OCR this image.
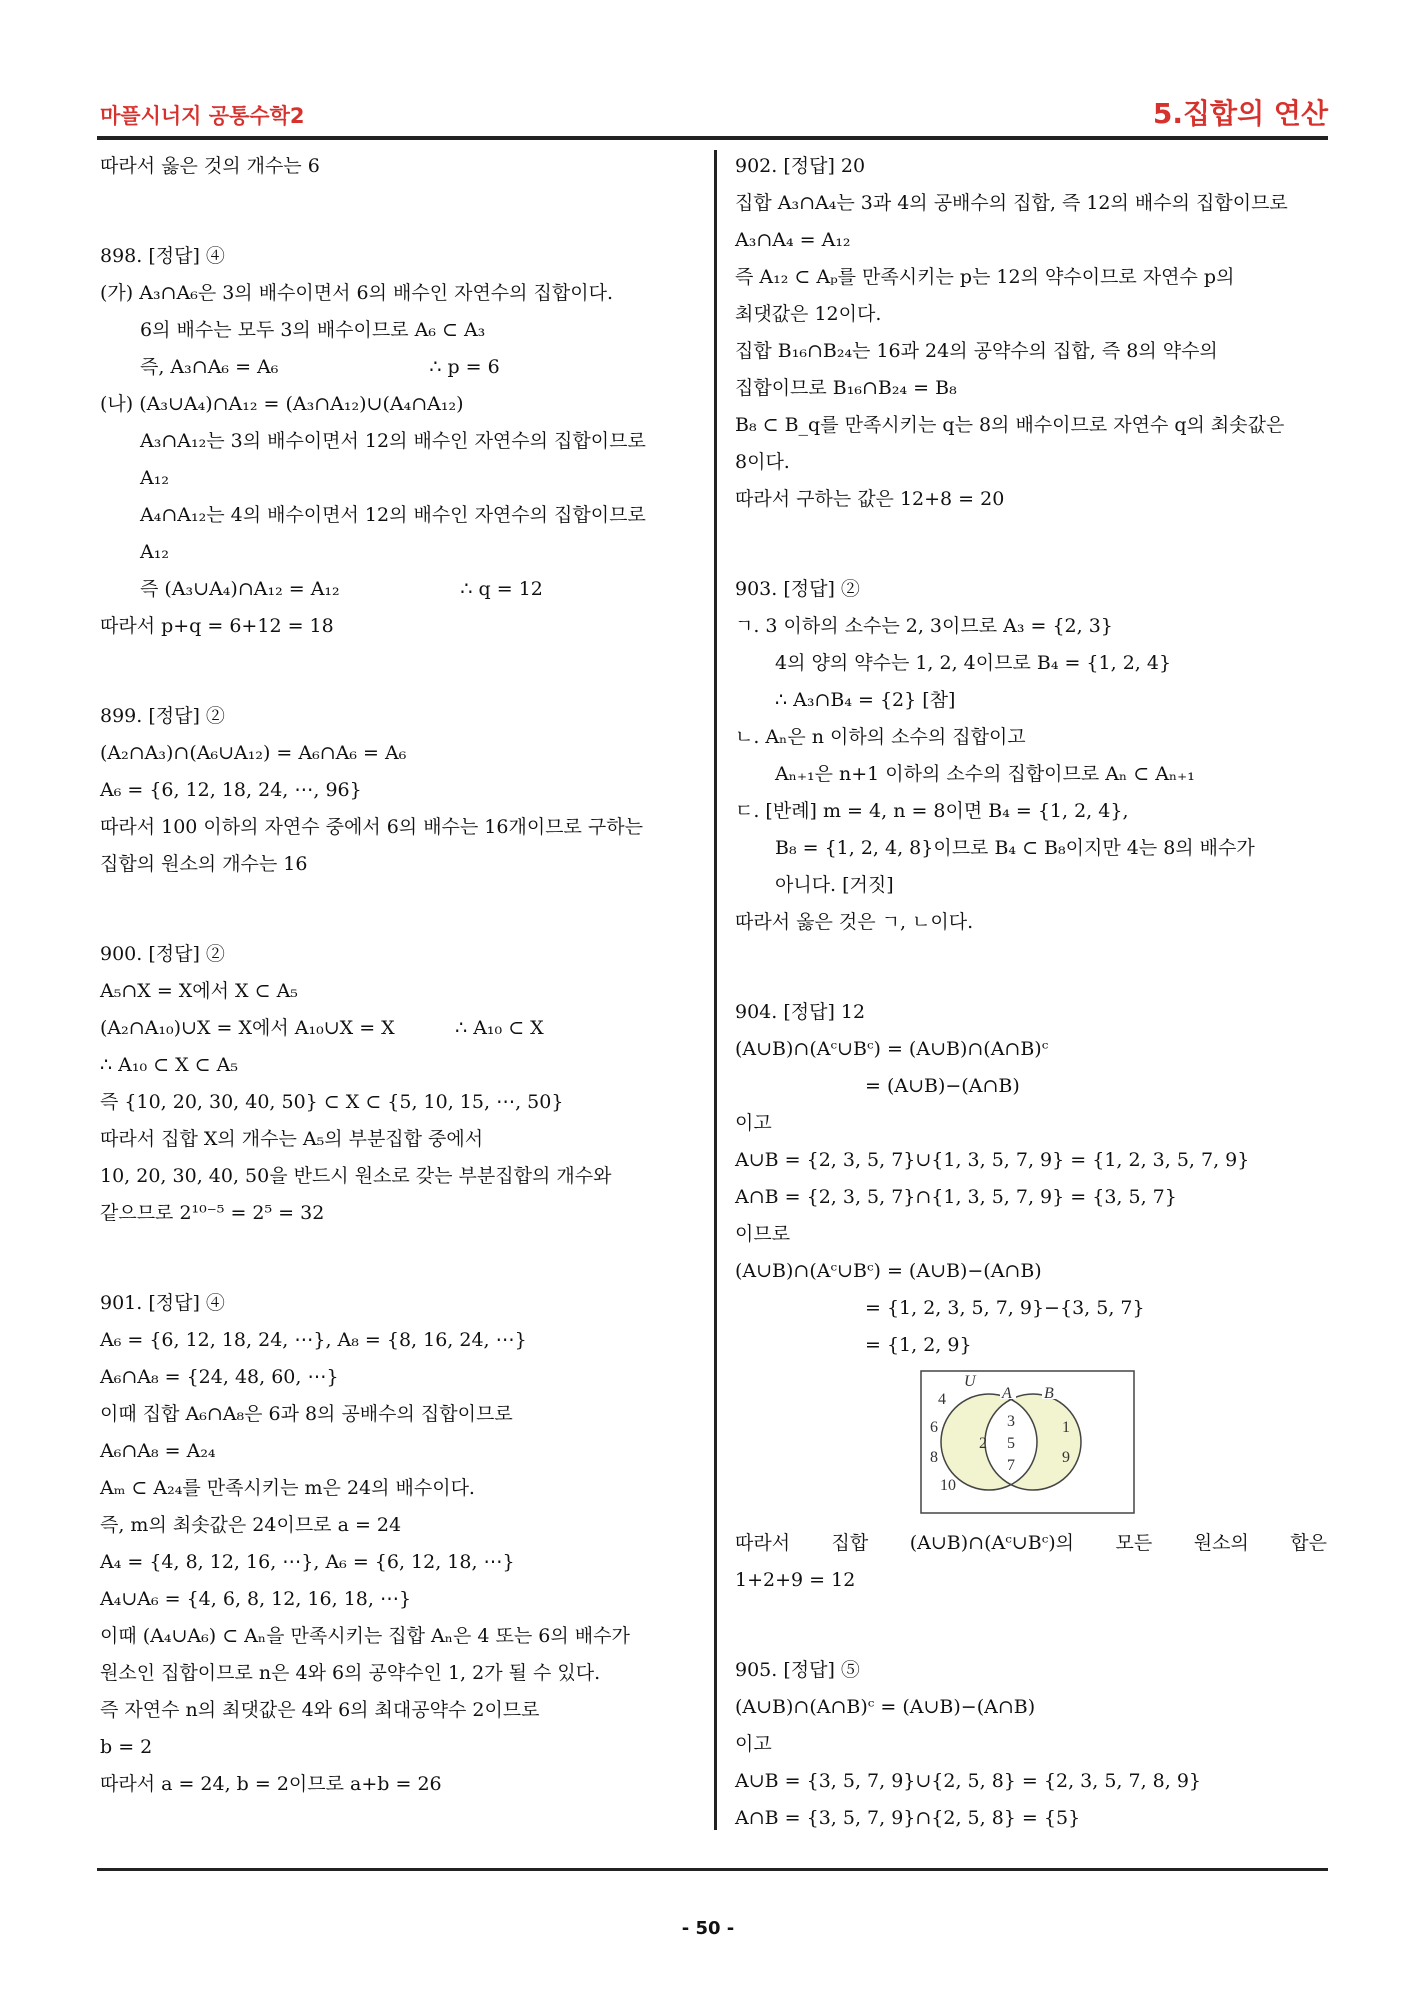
마플시너지 공통수학2	5.집합의 연산
따라서 옳은 것의 개수는 6
898. [정답] ④
(가) A₃∩A₆은 3의 배수이면서 6의 배수인 자연수의 집합이다.
6의 배수는 모두 3의 배수이므로 A₆ ⊂ A₃
즉, A₃∩A₆ = A₆                         ∴ p = 6
(나) (A₃∪A₄)∩A₁₂ = (A₃∩A₁₂)∪(A₄∩A₁₂)
A₃∩A₁₂는 3의 배수이면서 12의 배수인 자연수의 집합이므로
A₁₂
A₄∩A₁₂는 4의 배수이면서 12의 배수인 자연수의 집합이므로
A₁₂
즉 (A₃∪A₄)∩A₁₂ = A₁₂                    ∴ q = 12
따라서 p+q = 6+12 = 18
899. [정답] ②
(A₂∩A₃)∩(A₆∪A₁₂) = A₆∩A₆ = A₆
A₆ = {6, 12, 18, 24, ⋯, 96}
따라서 100 이하의 자연수 중에서 6의 배수는 16개이므로 구하는
집합의 원소의 개수는 16
900. [정답] ②
A₅∩X = X에서 X ⊂ A₅
(A₂∩A₁₀)∪X = X에서 A₁₀∪X = X          ∴ A₁₀ ⊂ X
∴ A₁₀ ⊂ X ⊂ A₅
즉 {10, 20, 30, 40, 50} ⊂ X ⊂ {5, 10, 15, ⋯, 50}
따라서 집합 X의 개수는 A₅의 부분집합 중에서
10, 20, 30, 40, 50을 반드시 원소로 갖는 부분집합의 개수와
같으므로 2¹⁰⁻⁵ = 2⁵ = 32
901. [정답] ④
A₆ = {6, 12, 18, 24, ⋯}, A₈ = {8, 16, 24, ⋯}
A₆∩A₈ = {24, 48, 60, ⋯}
이때 집합 A₆∩A₈은 6과 8의 공배수의 집합이므로
A₆∩A₈ = A₂₄
Aₘ ⊂ A₂₄를 만족시키는 m은 24의 배수이다.
즉, m의 최솟값은 24이므로 a = 24
A₄ = {4, 8, 12, 16, ⋯}, A₆ = {6, 12, 18, ⋯}
A₄∪A₆ = {4, 6, 8, 12, 16, 18, ⋯}
이때 (A₄∪A₆) ⊂ Aₙ을 만족시키는 집합 Aₙ은 4 또는 6의 배수가
원소인 집합이므로 n은 4와 6의 공약수인 1, 2가 될 수 있다.
즉 자연수 n의 최댓값은 4와 6의 최대공약수 2이므로
b = 2
따라서 a = 24, b = 2이므로 a+b = 26
902. [정답] 20
집합 A₃∩A₄는 3과 4의 공배수의 집합, 즉 12의 배수의 집합이므로
A₃∩A₄ = A₁₂
즉 A₁₂ ⊂ Aₚ를 만족시키는 p는 12의 약수이므로 자연수 p의
최댓값은 12이다.
집합 B₁₆∩B₂₄는 16과 24의 공약수의 집합, 즉 8의 약수의
집합이므로 B₁₆∩B₂₄ = B₈
B₈ ⊂ B_q를 만족시키는 q는 8의 배수이므로 자연수 q의 최솟값은
8이다.
따라서 구하는 값은 12+8 = 20
903. [정답] ②
ㄱ. 3 이하의 소수는 2, 3이므로 A₃ = {2, 3}
4의 양의 약수는 1, 2, 4이므로 B₄ = {1, 2, 4}
∴ A₃∩B₄ = {2} [참]
ㄴ. Aₙ은 n 이하의 소수의 집합이고
Aₙ₊₁은 n+1 이하의 소수의 집합이므로 Aₙ ⊂ Aₙ₊₁
ㄷ. [반례] m = 4, n = 8이면 B₄ = {1, 2, 4},
B₈ = {1, 2, 4, 8}이므로 B₄ ⊂ B₈이지만 4는 8의 배수가
아니다. [거짓]
따라서 옳은 것은 ㄱ, ㄴ이다.
904. [정답] 12
(A∪B)∩(Aᶜ∪Bᶜ) = (A∪B)∩(A∩B)ᶜ
= (A∪B)−(A∩B)
이고
A∪B = {2, 3, 5, 7}∪{1, 3, 5, 7, 9} = {1, 2, 3, 5, 7, 9}
A∩B = {2, 3, 5, 7}∩{1, 3, 5, 7, 9} = {3, 5, 7}
이므로
(A∪B)∩(Aᶜ∪Bᶜ) = (A∪B)−(A∩B)
= {1, 2, 3, 5, 7, 9}−{3, 5, 7}
= {1, 2, 9}
U
A B
4
6
8
10
2
3
5
7
1
9
따라서 집합 (A∪B)∩(Aᶜ∪Bᶜ)의 모든 원소의 합은
1+2+9 = 12
905. [정답] ⑤
(A∪B)∩(A∩B)ᶜ = (A∪B)−(A∩B)
이고
A∪B = {3, 5, 7, 9}∪{2, 5, 8} = {2, 3, 5, 7, 8, 9}
A∩B = {3, 5, 7, 9}∩{2, 5, 8} = {5}
- 50 -
